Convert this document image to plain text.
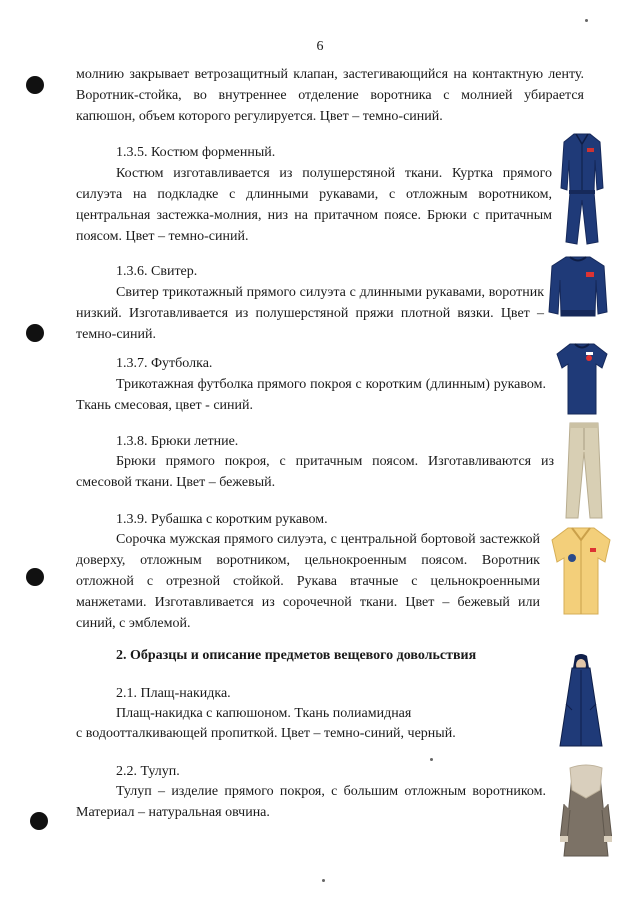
6
молнию закрывает ветрозащитный клапан, застегивающийся на контактную ленту. Воротник-стойка, во внутреннее отделение воротника с молнией убирается капюшон, объем которого регулируется. Цвет – темно-синий.
1.3.5. Костюм форменный.
Костюм изготавливается из полушерстяной ткани. Куртка прямого силуэта на подкладке с длинными рукавами, с отложным воротником, центральная застежка-молния, низ на притачном поясе. Брюки с притачным поясом. Цвет – темно-синий.
1.3.6. Свитер.
Свитер трикотажный прямого силуэта с длинными рукавами, воротник низкий. Изготавливается из полушерстяной пряжи плотной вязки. Цвет – темно-синий.
1.3.7. Футболка.
Трикотажная футболка прямого покроя с коротким (длинным) рукавом. Ткань смесовая, цвет - синий.
1.3.8. Брюки летние.
Брюки прямого покроя, с притачным поясом. Изготавливаются из смесовой ткани. Цвет – бежевый.
1.3.9. Рубашка с коротким рукавом.
Сорочка мужская прямого силуэта, с центральной бортовой застежкой доверху, отложным воротником, цельнокроенным поясом. Воротник отложной с отрезной стойкой. Рукава втачные с цельнокроенными манжетами. Изготавливается из сорочечной ткани. Цвет – бежевый или синий, с эмблемой.
2. Образцы и описание предметов вещевого довольствия
2.1. Плащ-накидка.
Плащ-накидка с капюшоном. Ткань полиамидная
с водоотталкивающей пропиткой. Цвет – темно-синий, черный.
2.2. Тулуп.
Тулуп – изделие прямого покроя, с большим отложным воротником. Материал – натуральная овчина.
